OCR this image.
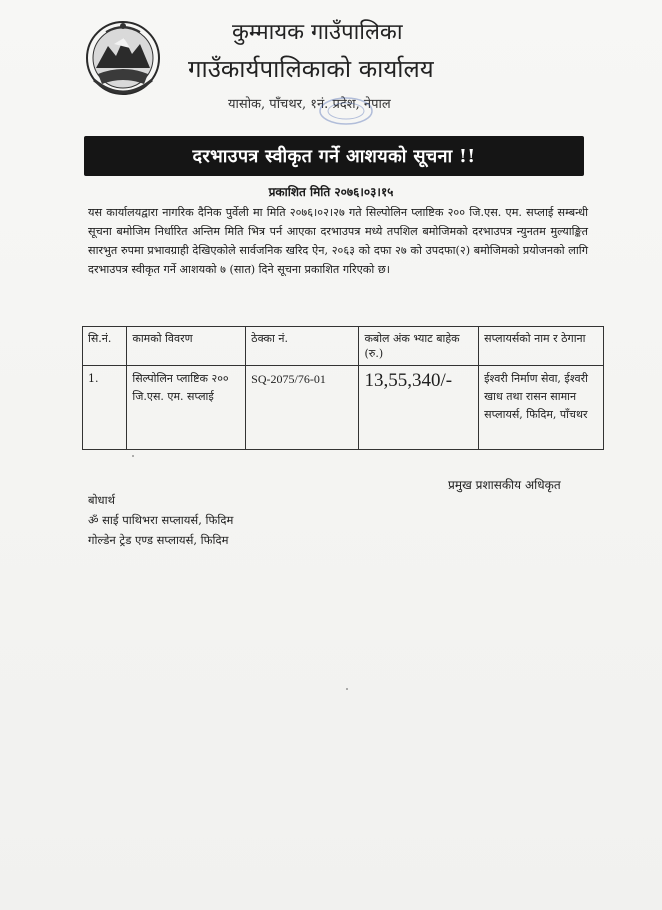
कुम्मायक गाउँपालिका
गाउँकार्यपालिकाको कार्यालय
यासोक, पाँचथर, १नं. प्रदेश, नेपाल
दरभाउपत्र स्वीकृत गर्ने आशयको सूचना !!
प्रकाशित मिति २०७६।०३।१५
यस कार्यालयद्वारा नागरिक दैनिक पुर्वेली मा मिति २०७६।०२।२७ गते सिल्पोलिन प्लाष्टिक २०० जि.एस. एम. सप्लाई सम्बन्धी सूचना बमोजिम निर्धारित अन्तिम मिति भित्र पर्न आएका दरभाउपत्र मध्ये तपशिल बमोजिमको दरभाउपत्र न्युनतम मुल्याङ्कित सारभुत रुपमा प्रभावग्राही देखिएकोले सार्वजनिक खरिद ऐन, २०६३ को दफा २७ को उपदफा(२) बमोजिमको प्रयोजनको लागि दरभाउपत्र स्वीकृत गर्ने आशयको ७ (सात) दिने सूचना प्रकाशित गरिएको छ।
सि.नं.	कामको विवरण	ठेक्का नं.	कबोल अंक भ्याट बाहेक (रु.)	सप्लायर्सको नाम र ठेगाना
1.	सिल्पोलिन प्लाष्टिक २०० जि.एस. एम. सप्लाई	SQ-2075/76-01	13,55,340/-	ईश्वरी निर्माण सेवा, ईश्वरी खाध तथा रासन सामान सप्लायर्स, फिदिम, पाँचथर
प्रमुख प्रशासकीय अधिकृत
बोधार्थ
ॐ साई पाथिभरा सप्लायर्स, फिदिम
गोल्डेन ट्रेड एण्ड सप्लायर्स, फिदिम
